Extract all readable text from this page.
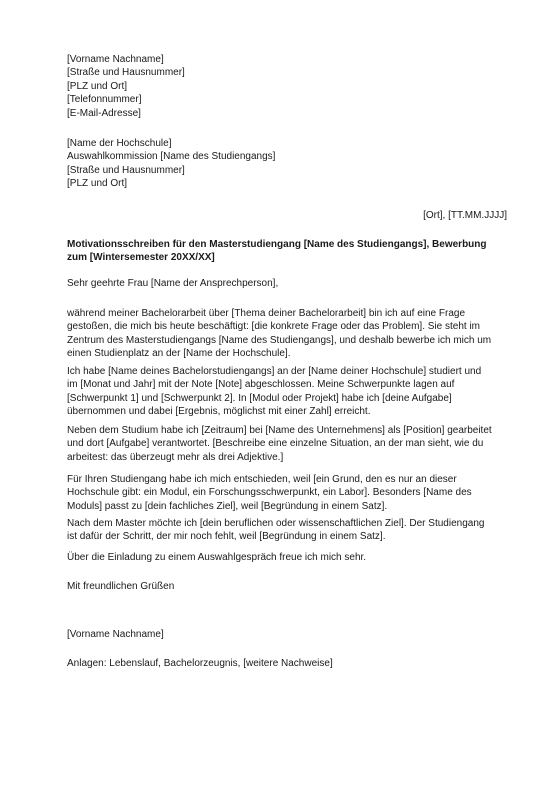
[Vorname Nachname]
[Straße und Hausnummer]
[PLZ und Ort]
[Telefonnummer]
[E-Mail-Adresse]
[Name der Hochschule]
Auswahlkommission [Name des Studiengangs]
[Straße und Hausnummer]
[PLZ und Ort]
[Ort], [TT.MM.JJJJ]
Motivationsschreiben für den Masterstudiengang [Name des Studiengangs], Bewerbung
zum [Wintersemester 20XX/XX]
Sehr geehrte Frau [Name der Ansprechperson],
während meiner Bachelorarbeit über [Thema deiner Bachelorarbeit] bin ich auf eine Frage
gestoßen, die mich bis heute beschäftigt: [die konkrete Frage oder das Problem]. Sie steht im
Zentrum des Masterstudiengangs [Name des Studiengangs], und deshalb bewerbe ich mich um
einen Studienplatz an der [Name der Hochschule].
Ich habe [Name deines Bachelorstudiengangs] an der [Name deiner Hochschule] studiert und
im [Monat und Jahr] mit der Note [Note] abgeschlossen. Meine Schwerpunkte lagen auf
[Schwerpunkt 1] und [Schwerpunkt 2]. In [Modul oder Projekt] habe ich [deine Aufgabe]
übernommen und dabei [Ergebnis, möglichst mit einer Zahl] erreicht.
Neben dem Studium habe ich [Zeitraum] bei [Name des Unternehmens] als [Position] gearbeitet
und dort [Aufgabe] verantwortet. [Beschreibe eine einzelne Situation, an der man sieht, wie du
arbeitest: das überzeugt mehr als drei Adjektive.]
Für Ihren Studiengang habe ich mich entschieden, weil [ein Grund, den es nur an dieser
Hochschule gibt: ein Modul, ein Forschungsschwerpunkt, ein Labor]. Besonders [Name des
Moduls] passt zu [dein fachliches Ziel], weil [Begründung in einem Satz].
Nach dem Master möchte ich [dein beruflichen oder wissenschaftlichen Ziel]. Der Studiengang
ist dafür der Schritt, der mir noch fehlt, weil [Begründung in einem Satz].
Über die Einladung zu einem Auswahlgespräch freue ich mich sehr.
Mit freundlichen Grüßen
[Vorname Nachname]
Anlagen: Lebenslauf, Bachelorzeugnis, [weitere Nachweise]
